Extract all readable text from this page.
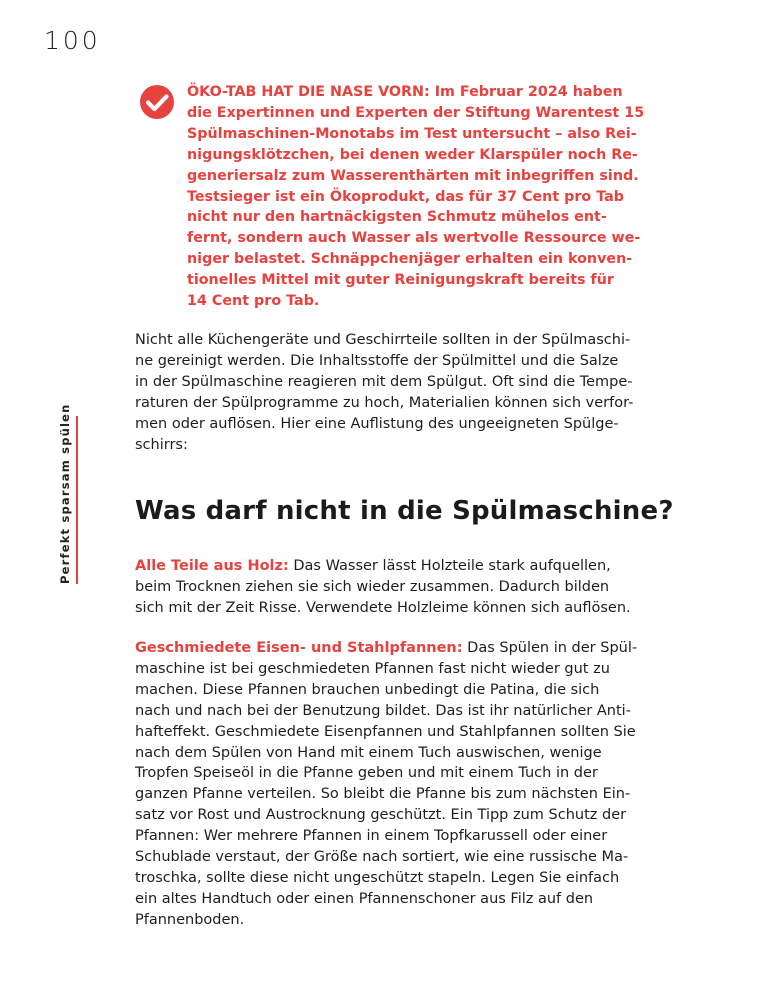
100
Perfekt sparsam spülen
ÖKO-TAB HAT DIE NASE VORN: Im Februar 2024 haben
die Expertinnen und Experten der Stiftung Warentest 15
Spülmaschinen-Monotabs im Test untersucht – also Rei-
nigungsklötzchen, bei denen weder Klarspüler noch Re-
generiersalz zum Wasserenthärten mit inbegriffen sind.
Testsieger ist ein Ökoprodukt, das für 37 Cent pro Tab
nicht nur den hartnäckigsten Schmutz mühelos ent-
fernt, sondern auch Wasser als wertvolle Ressource we-
niger belastet. Schnäppchenjäger erhalten ein konven-
tionelles Mittel mit guter Reinigungskraft bereits für
14 Cent pro Tab.

Nicht alle Küchengeräte und Geschirrteile sollten in der Spülmaschi-
ne gereinigt werden. Die Inhaltsstoffe der Spülmittel und die Salze
in der Spülmaschine reagieren mit dem Spülgut. Oft sind die Tempe-
raturen der Spülprogramme zu hoch, Materialien können sich verfor-
men oder auflösen. Hier eine Auflistung des ungeeigneten Spülge-
schirrs:

Was darf nicht in die Spülmaschine?

Alle Teile aus Holz: Das Wasser lässt Holzteile stark aufquellen,
beim Trocknen ziehen sie sich wieder zusammen. Dadurch bilden
sich mit der Zeit Risse. Verwendete Holzleime können sich auflösen.

Geschmiedete Eisen- und Stahlpfannen: Das Spülen in der Spül-
maschine ist bei geschmiedeten Pfannen fast nicht wieder gut zu
machen. Diese Pfannen brauchen unbedingt die Patina, die sich
nach und nach bei der Benutzung bildet. Das ist ihr natürlicher Anti-
hafteffekt. Geschmiedete Eisenpfannen und Stahlpfannen sollten Sie
nach dem Spülen von Hand mit einem Tuch auswischen, wenige
Tropfen Speiseöl in die Pfanne geben und mit einem Tuch in der
ganzen Pfanne verteilen. So bleibt die Pfanne bis zum nächsten Ein-
satz vor Rost und Austrocknung geschützt. Ein Tipp zum Schutz der
Pfannen: Wer mehrere Pfannen in einem Topfkarussell oder einer
Schublade verstaut, der Größe nach sortiert, wie eine russische Ma-
troschka, sollte diese nicht ungeschützt stapeln. Legen Sie einfach
ein altes Handtuch oder einen Pfannenschoner aus Filz auf den
Pfannenboden.
